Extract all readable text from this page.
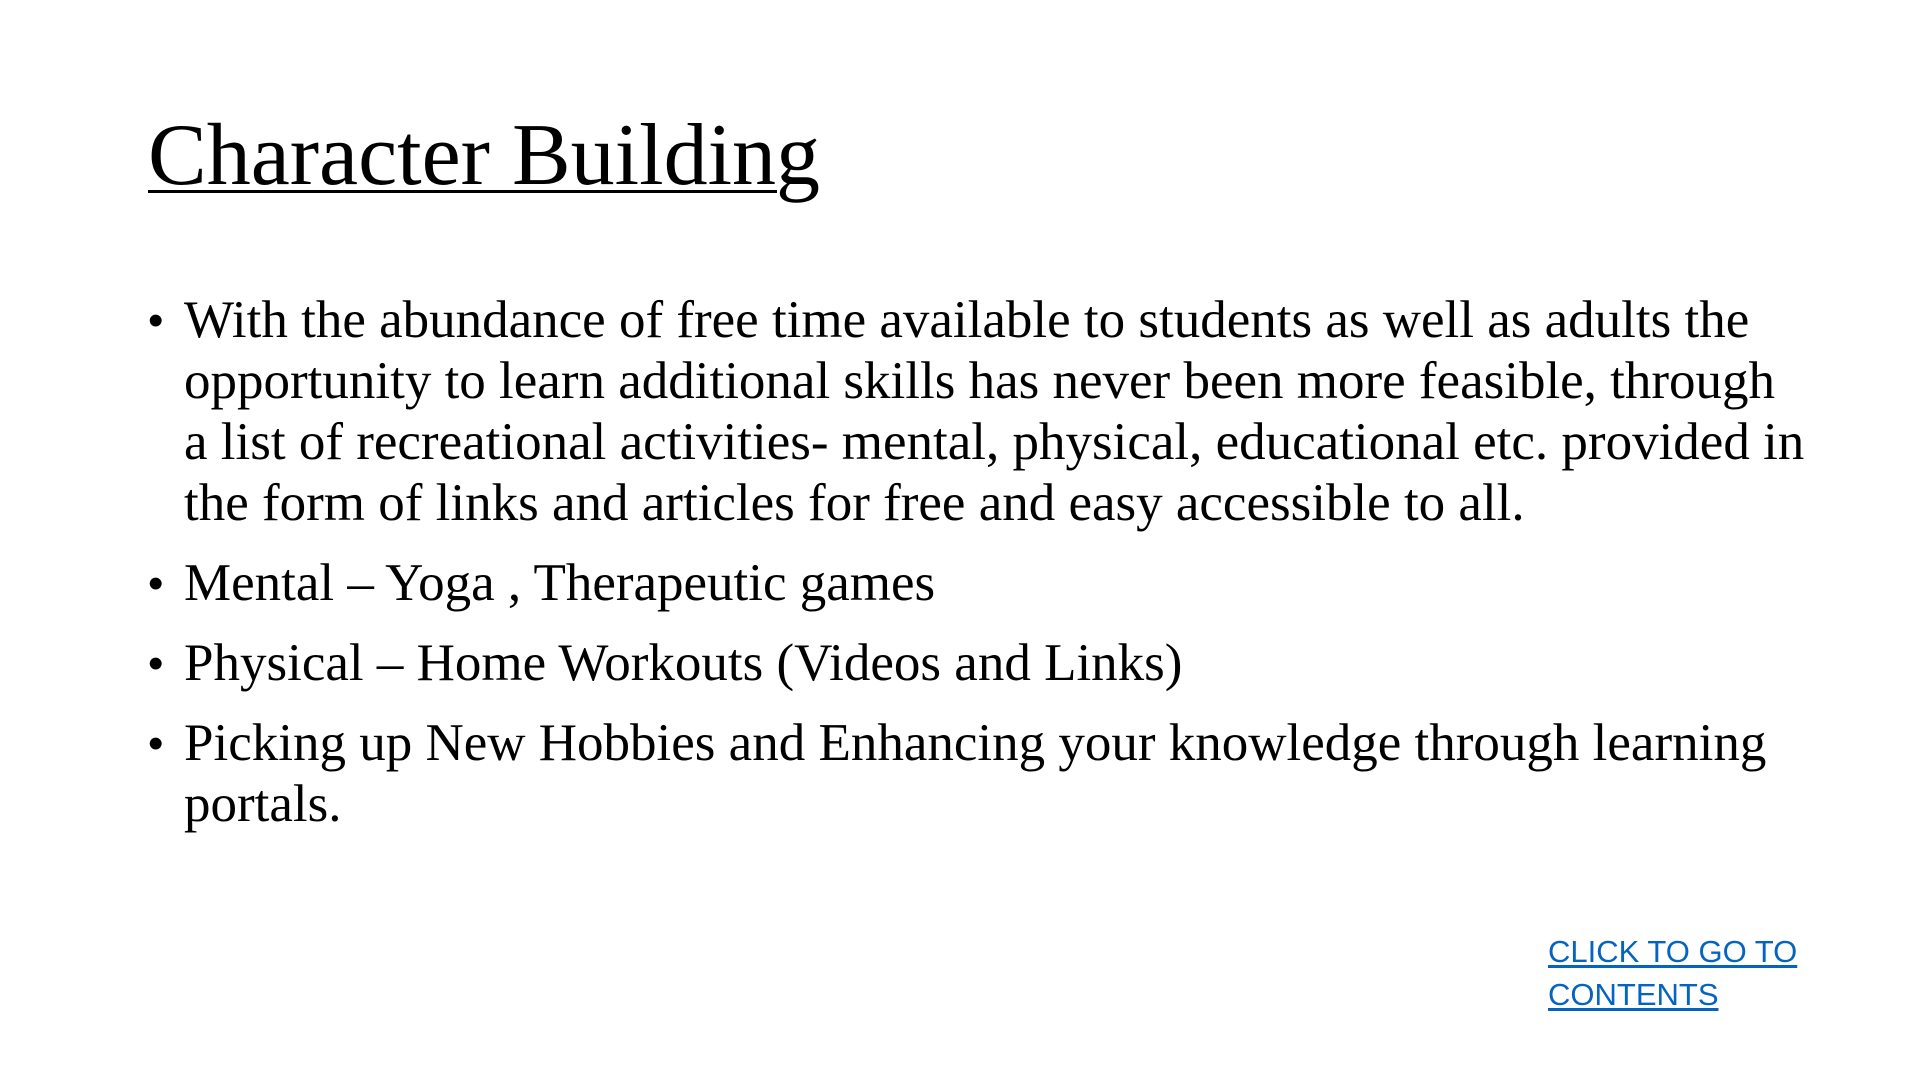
Character Building
• With the abundance of free time available to students as well as adults the opportunity to learn additional skills has never been more feasible, through a list of recreational activities- mental, physical, educational etc. provided in the form of links and articles for free and easy accessible to all.
• Mental – Yoga , Therapeutic games
• Physical – Home Workouts (Videos and Links)
• Picking up New Hobbies and Enhancing your knowledge through learning portals.
CLICK TO GO TO CONTENTS
